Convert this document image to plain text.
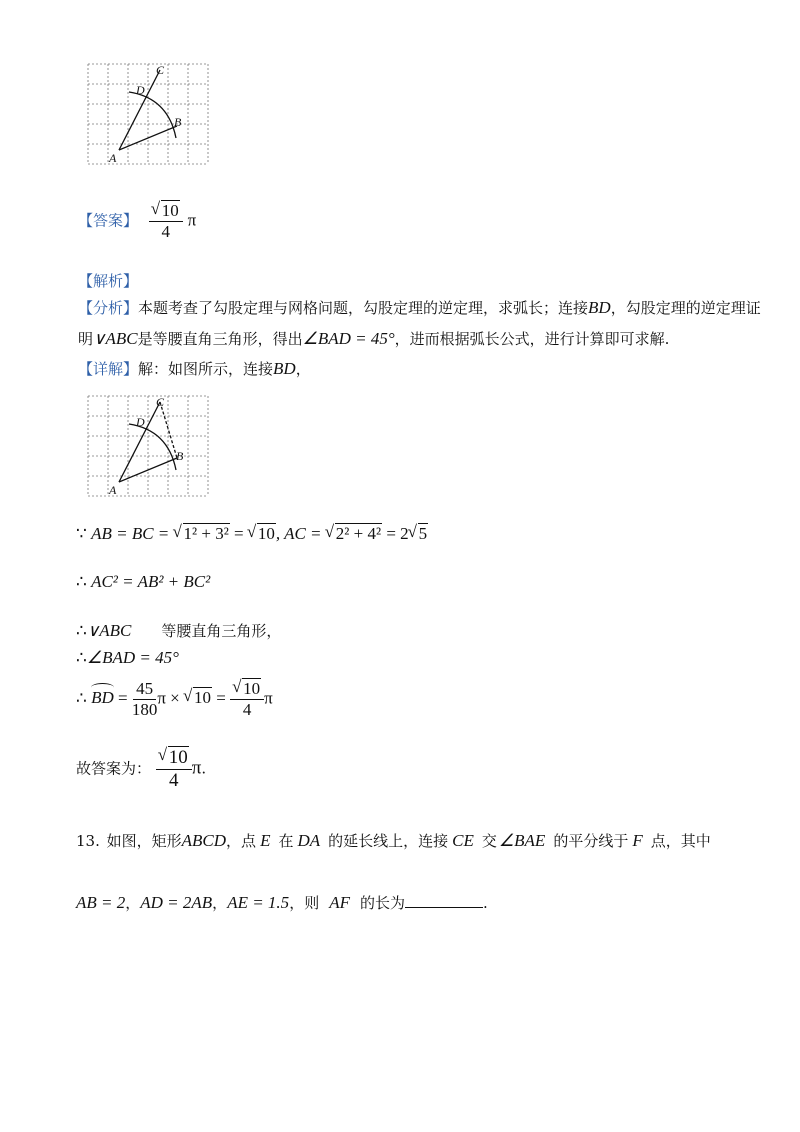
A
B
C
D
【答案】 √ $\frac{10}{4}$ π
【解析】
【分析】本题考查了勾股定理与网格问题，勾股定理的逆定理，求弧长；连接BD，勾股定理的逆定理证
明∨ABC是等腰直角三角形，得出∠BAD = 45°，进而根据弧长公式，进行计算即可求解.
【详解】解：如图所示，连接BD，
A
B
C
D
∵ AB = BC = √ 1² + 3² = √ 10, AC = √ 2² + 4² = 2 √ 5
∴ AC² = AB² + BC²
∴∨ABC 等腰直角三角形，
∴∠BAD = 45°
∴ BD = $\frac{45}{180}$ π × √ 10 = √ $\frac{10}{4}$ π
故答案为： √ $\frac{10}{4} \pi$.
13. 如图，矩形ABCD，点 E 在 DA 的延长线上，连接 CE 交 ∠BAE 的平分线于 F 点，其中
AB = 2，AD = 2AB，AE = 1.5，则 AF 的长为	.
